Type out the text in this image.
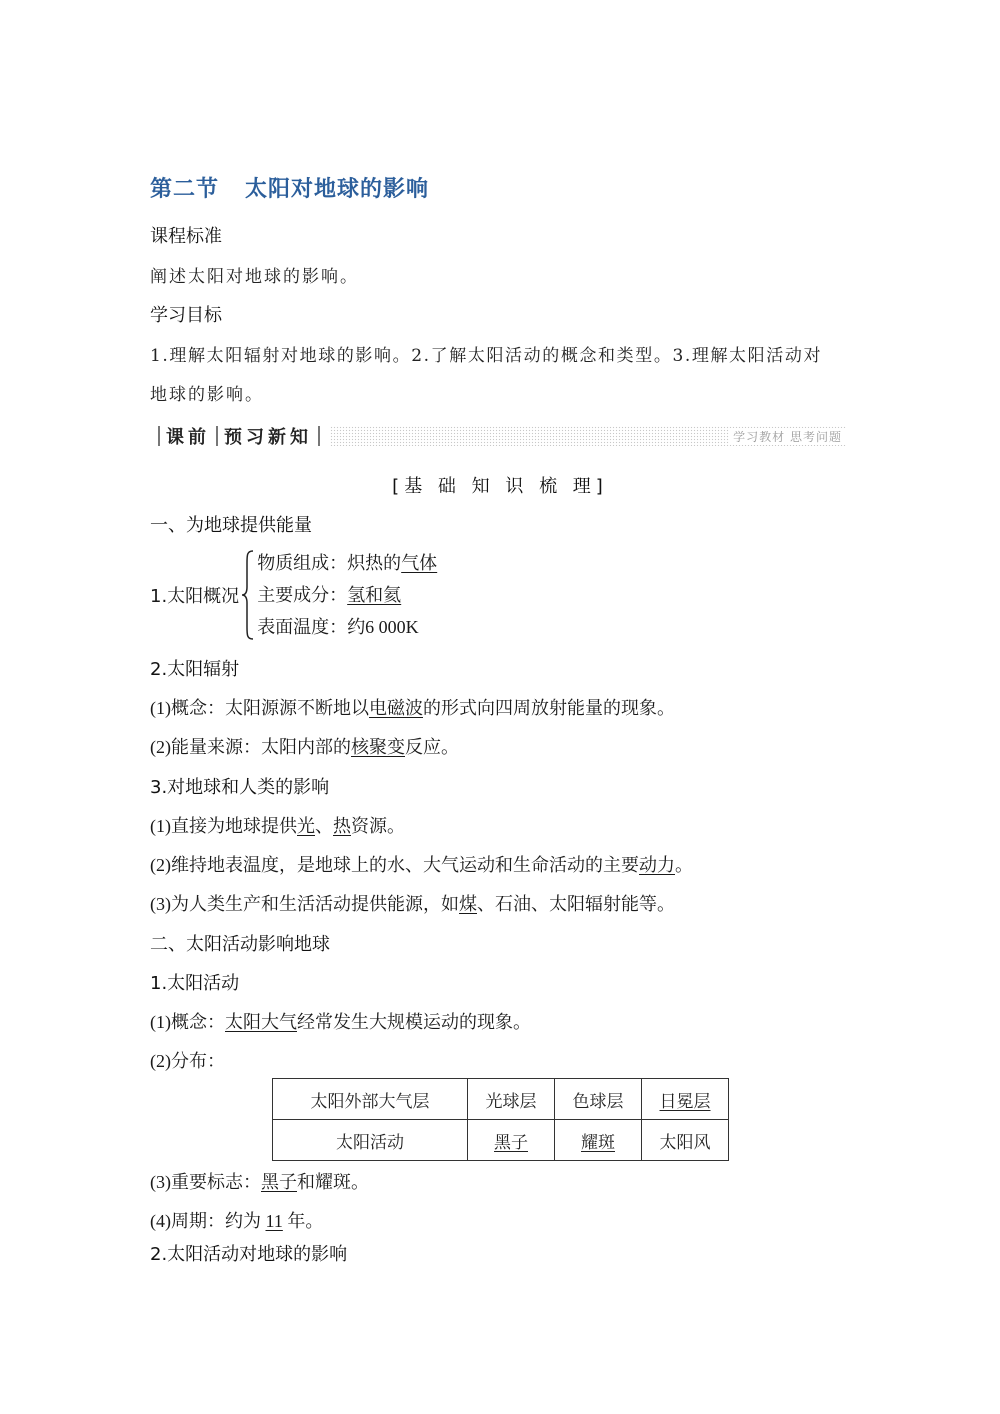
第二节 太阳对地球的影响
课程标准
阐述太阳对地球的影响。
学习目标
1.理解太阳辐射对地球的影响。2.了解太阳活动的概念和类型。3.理解太阳活动对
地球的影响。
课前 预习新知	学习教材 思考问题
[基 础 知 识 梳 理]
一、为地球提供能量
1.太阳概况
物质组成：炽热的气体
主要成分：氢和氦
表面温度：约6 000K
2.太阳辐射
(1)概念：太阳源源不断地以电磁波的形式向四周放射能量的现象。
(2)能量来源：太阳内部的核聚变反应。
3.对地球和人类的影响
(1)直接为地球提供光、热资源。
(2)维持地表温度，是地球上的水、大气运动和生命活动的主要动力。
(3)为人类生产和生活活动提供能源，如煤、石油、太阳辐射能等。
二、太阳活动影响地球
1.太阳活动
(1)概念：太阳大气经常发生大规模运动的现象。
(2)分布：
太阳外部大气层	光球层	色球层	日冕层
太阳活动	黑子	耀斑	太阳风
(3)重要标志：黑子和耀斑。
(4)周期：约为 11 年。
2.太阳活动对地球的影响
